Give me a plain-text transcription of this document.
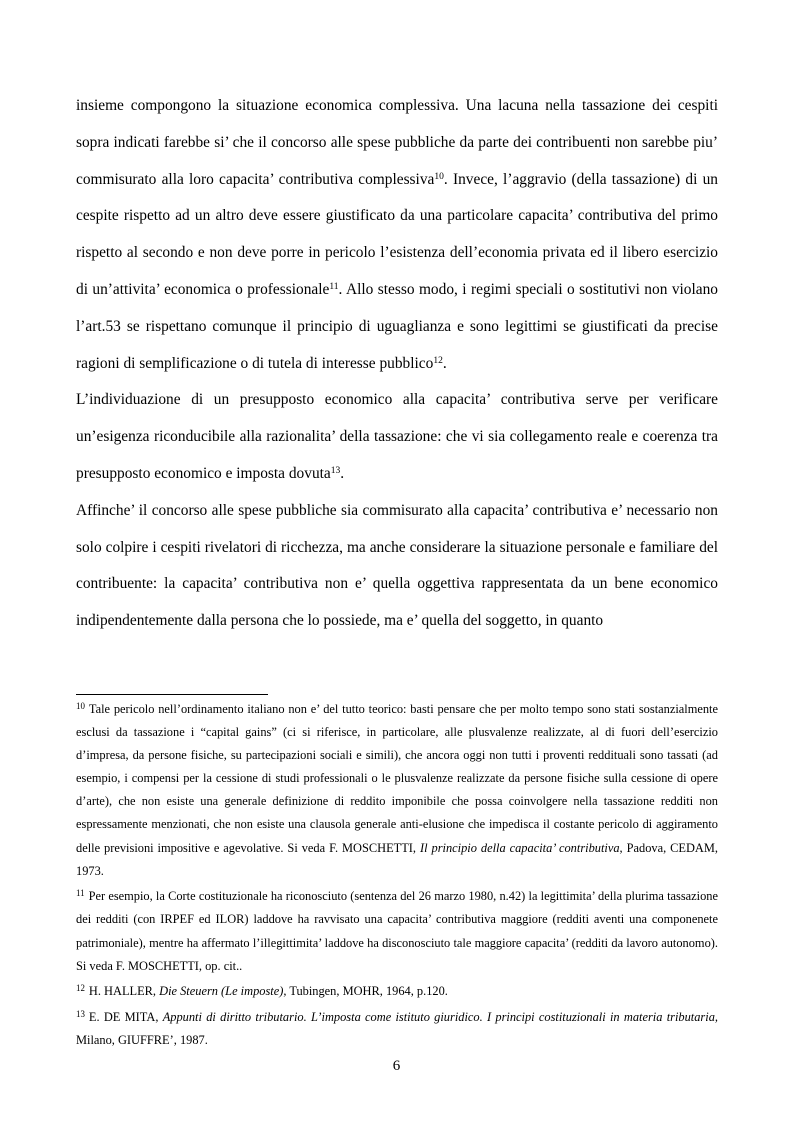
insieme compongono la situazione economica complessiva. Una lacuna nella tassazione dei cespiti sopra indicati farebbe si’ che il concorso alle spese pubbliche da parte dei contribuenti non sarebbe piu’ commisurato alla loro capacita’ contributiva complessiva$^{10}$. Invece, l’aggravio (della tassazione) di un cespite rispetto ad un altro deve essere giustificato da una particolare capacita’ contributiva del primo rispetto al secondo e non deve porre in pericolo l’esistenza dell’economia privata ed il libero esercizio di un’attivita’ economica o professionale$^{11}$. Allo stesso modo, i regimi speciali o sostitutivi non violano l’art.53 se rispettano comunque il principio di uguaglianza e sono legittimi se giustificati da precise ragioni di semplificazione o di tutela di interesse pubblico$^{12}$.

L’individuazione di un presupposto economico alla capacita’ contributiva serve per verificare un’esigenza riconducibile alla razionalita’ della tassazione: che vi sia collegamento reale e coerenza tra presupposto economico e imposta dovuta$^{13}$.

Affinche’ il concorso alle spese pubbliche sia commisurato alla capacita’ contributiva e’ necessario non solo colpire i cespiti rivelatori di ricchezza, ma anche considerare la situazione personale e familiare del contribuente: la capacita’ contributiva non e’ quella oggettiva rappresentata da un bene economico indipendentemente dalla persona che lo possiede, ma e’ quella del soggetto, in quanto

$^{10}$ Tale pericolo nell’ordinamento italiano non e’ del tutto teorico: basti pensare che per molto tempo sono stati sostanzialmente esclusi da tassazione i “capital gains” (ci si riferisce, in particolare, alle plusvalenze realizzate, al di fuori dell’esercizio d’impresa, da persone fisiche, su partecipazioni sociali e simili), che ancora oggi non tutti i proventi reddituali sono tassati (ad esempio, i compensi per la cessione di studi professionali o le plusvalenze realizzate da persone fisiche sulla cessione di opere d’arte), che non esiste una generale definizione di reddito imponibile che possa coinvolgere nella tassazione redditi non espressamente menzionati, che non esiste una clausola generale anti-elusione che impedisca il costante pericolo di aggiramento delle previsioni impositive e agevolative. Si veda F. MOSCHETTI, Il principio della capacita’ contributiva, Padova, CEDAM, 1973.

$^{11}$ Per esempio, la Corte costituzionale ha riconosciuto (sentenza del 26 marzo 1980, n.42) la legittimita’ della plurima tassazione dei redditi (con IRPEF ed ILOR) laddove ha ravvisato una capacita’ contributiva maggiore (redditi aventi una componenete patrimoniale), mentre ha affermato l’illegittimita’ laddove ha disconosciuto tale maggiore capacita’ (redditi da lavoro autonomo). Si veda F. MOSCHETTI, op. cit..

$^{12}$ H. HALLER, Die Steuern (Le imposte), Tubingen, MOHR, 1964, p.120.

$^{13}$ E. DE MITA, Appunti di diritto tributario. L’imposta come istituto giuridico. I principi costituzionali in materia tributaria, Milano, GIUFFRE’, 1987.

6
